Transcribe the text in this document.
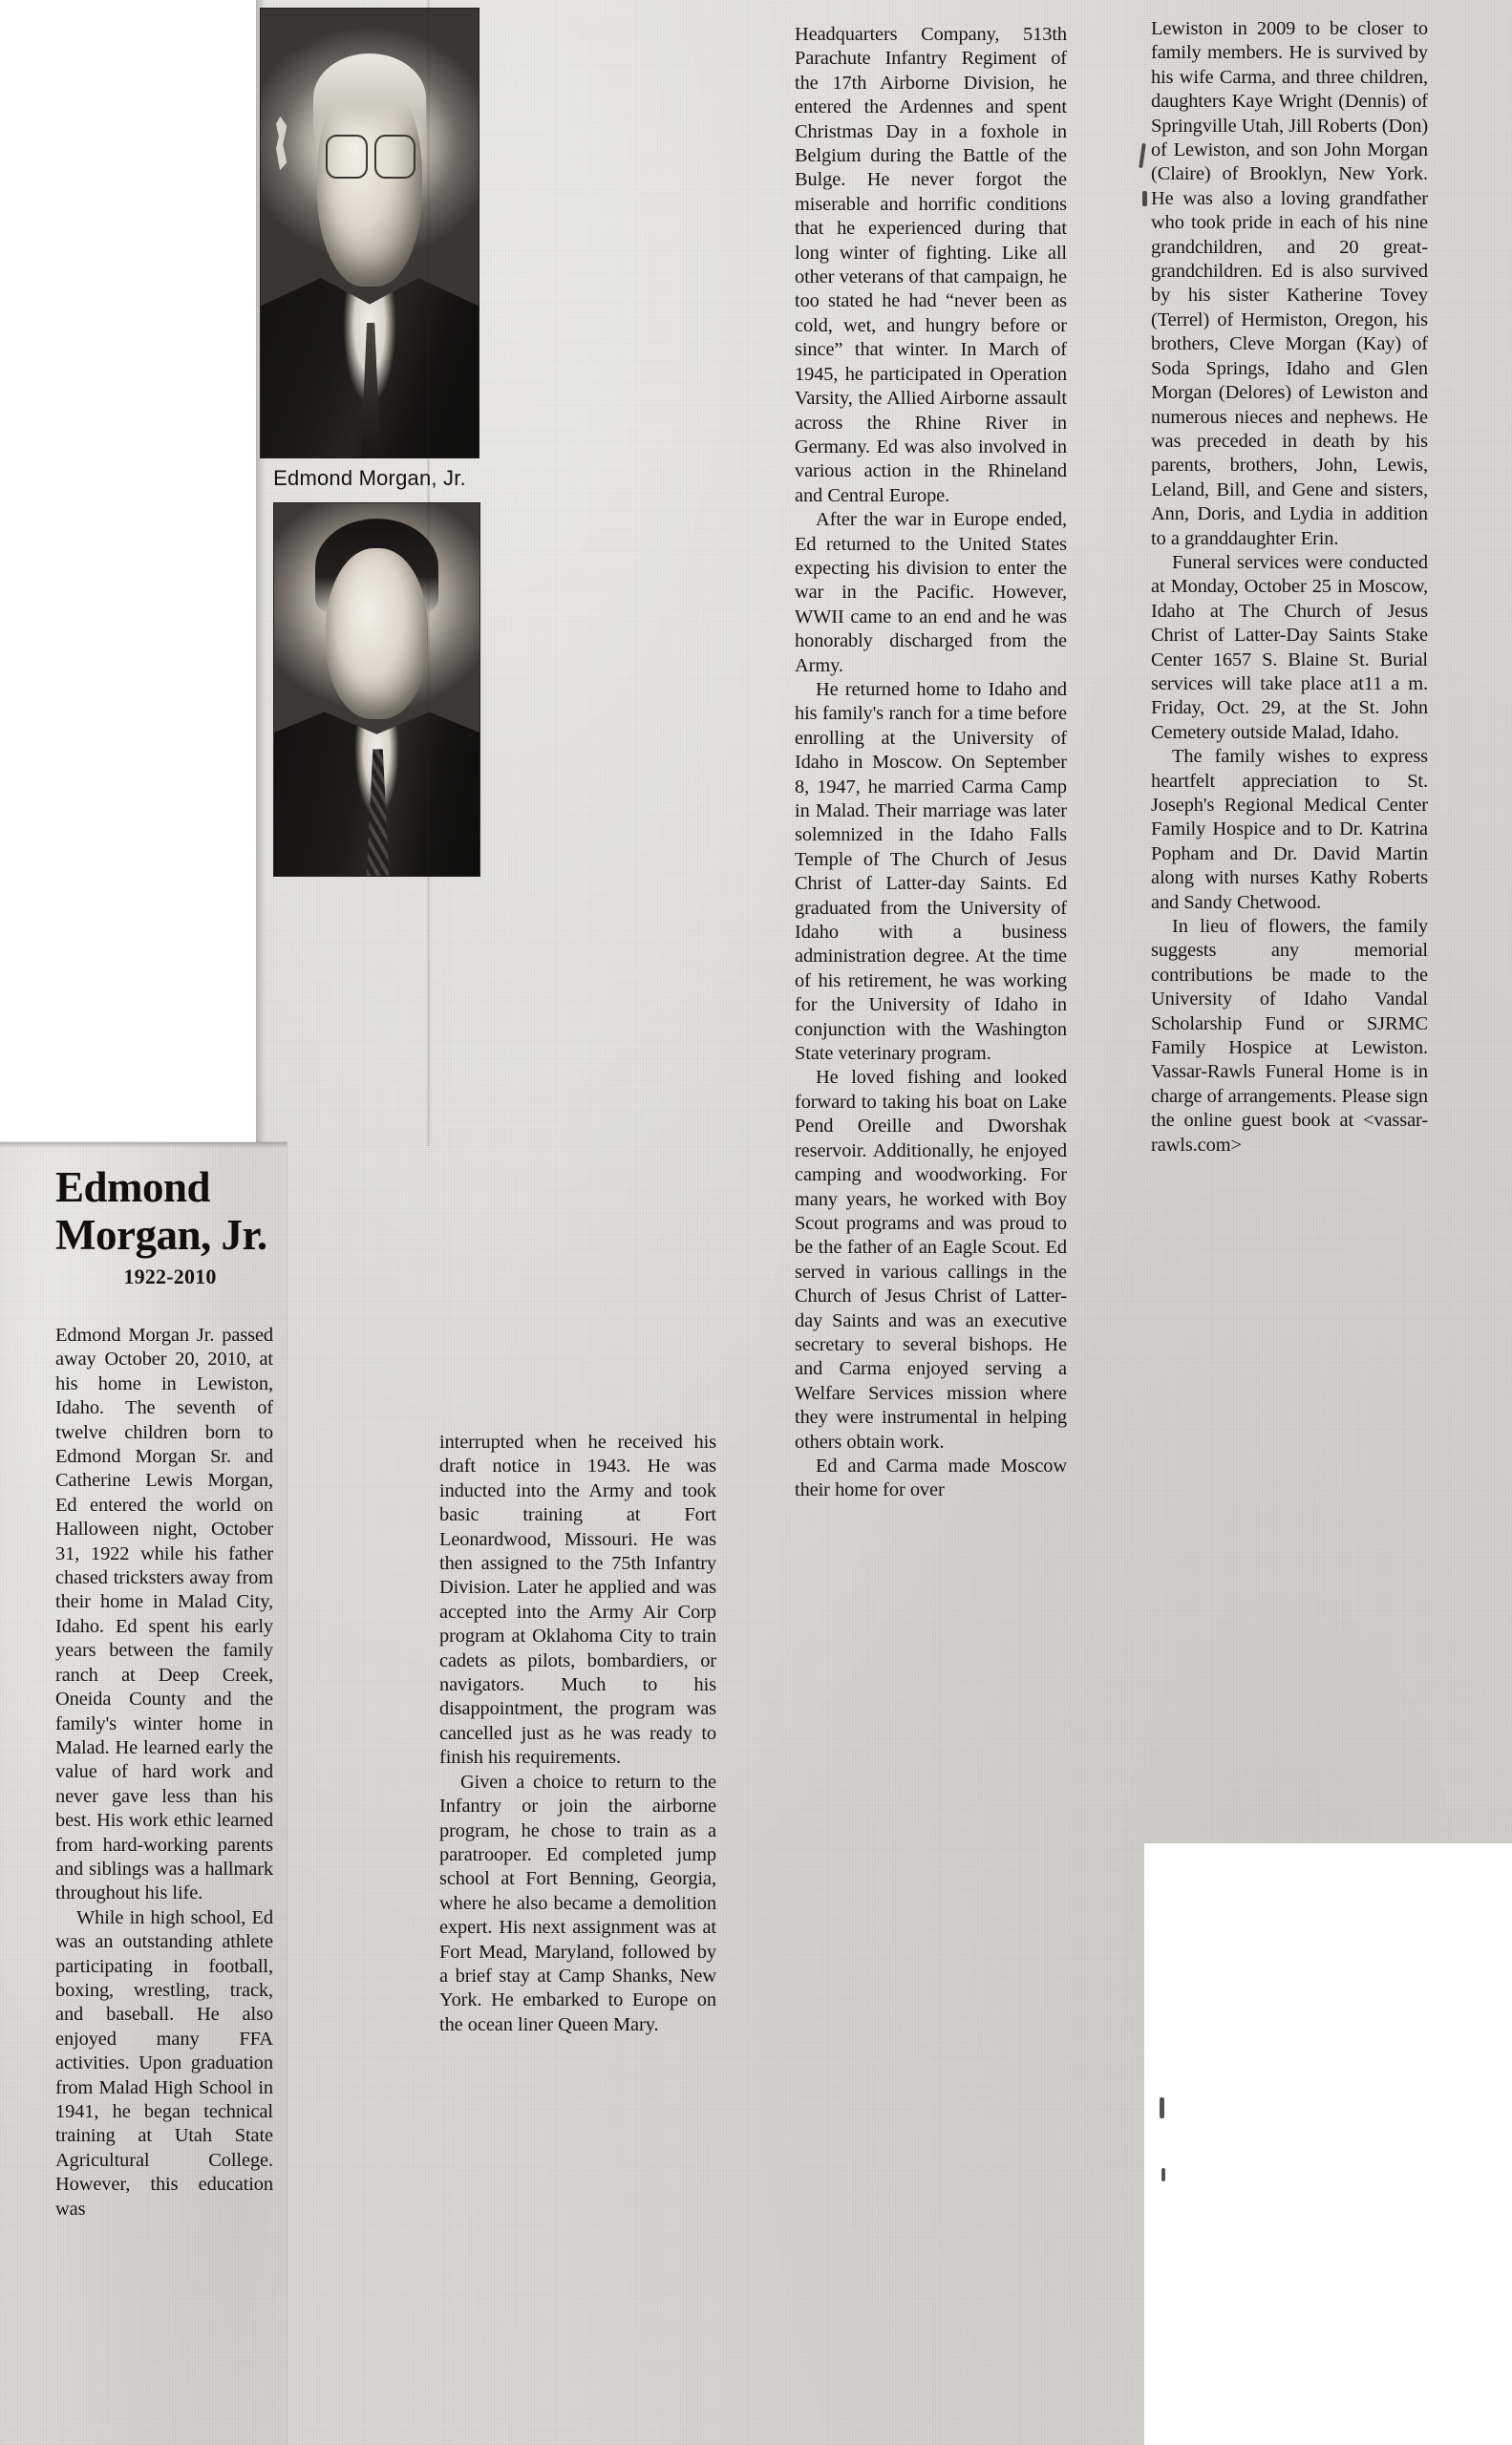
Edmond Morgan, Jr.
Edmond
Morgan, Jr.
1922-2010

Edmond Morgan Jr. passed away October 20, 2010, at his home in Lewiston, Idaho. The seventh of twelve children born to Edmond Morgan Sr. and Catherine Lewis Morgan, Ed entered the world on Halloween night, October 31, 1922 while his father chased tricksters away from their home in Malad City, Idaho. Ed spent his early years between the family ranch at Deep Creek, Oneida County and the family's winter home in Malad. He learned early the value of hard work and never gave less than his best. His work ethic learned from hard-working parents and siblings was a hallmark throughout his life.

While in high school, Ed was an outstanding athlete participating in football, boxing, wrestling, track, and baseball. He also enjoyed many FFA activities. Upon graduation from Malad High School in 1941, he began technical training at Utah State Agricultural College. However, this education was

interrupted when he received his draft notice in 1943. He was inducted into the Army and took basic training at Fort Leonardwood, Missouri. He was then assigned to the 75th Infantry Division. Later he applied and was accepted into the Army Air Corp program at Oklahoma City to train cadets as pilots, bombardiers, or navigators. Much to his disappointment, the program was cancelled just as he was ready to finish his requirements.

Given a choice to return to the Infantry or join the airborne program, he chose to train as a paratrooper. Ed completed jump school at Fort Benning, Georgia, where he also became a demolition expert. His next assignment was at Fort Mead, Maryland, followed by a brief stay at Camp Shanks, New York. He embarked to Europe on the ocean liner Queen Mary.

Headquarters Company, 513th Parachute Infantry Regiment of the 17th Airborne Division, he entered the Ardennes and spent Christmas Day in a foxhole in Belgium during the Battle of the Bulge. He never forgot the miserable and horrific conditions that he experienced during that long winter of fighting. Like all other veterans of that campaign, he too stated he had “never been as cold, wet, and hungry before or since” that winter. In March of 1945, he participated in Operation Varsity, the Allied Airborne assault across the Rhine River in Germany. Ed was also involved in various action in the Rhineland and Central Europe.

After the war in Europe ended, Ed returned to the United States expecting his division to enter the war in the Pacific. However, WWII came to an end and he was honorably discharged from the Army.

He returned home to Idaho and his family's ranch for a time before enrolling at the University of Idaho in Moscow. On September 8, 1947, he married Carma Camp in Malad. Their marriage was later solemnized in the Idaho Falls Temple of The Church of Jesus Christ of Latter-day Saints. Ed graduated from the University of Idaho with a business administration degree. At the time of his retirement, he was working for the University of Idaho in conjunction with the Washington State veterinary program.

He loved fishing and looked forward to taking his boat on Lake Pend Oreille and Dworshak reservoir. Additionally, he enjoyed camping and woodworking. For many years, he worked with Boy Scout programs and was proud to be the father of an Eagle Scout. Ed served in various callings in the Church of Jesus Christ of Latter-day Saints and was an executive secretary to several bishops. He and Carma enjoyed serving a Welfare Services mission where they were instrumental in helping others obtain work.

Ed and Carma made Moscow their home for over

Lewiston in 2009 to be closer to family members. He is survived by his wife Carma, and three children, daughters Kaye Wright (Dennis) of Springville Utah, Jill Roberts (Don) of Lewiston, and son John Morgan (Claire) of Brooklyn, New York. He was also a loving grandfather who took pride in each of his nine grandchildren, and 20 great-grandchildren. Ed is also survived by his sister Katherine Tovey (Terrel) of Hermiston, Oregon, his brothers, Cleve Morgan (Kay) of Soda Springs, Idaho and Glen Morgan (Delores) of Lewiston and numerous nieces and nephews. He was preceded in death by his parents, brothers, John, Lewis, Leland, Bill, and Gene and sisters, Ann, Doris, and Lydia in addition to a granddaughter Erin.

Funeral services were conducted at Monday, October 25 in Moscow, Idaho at The Church of Jesus Christ of Latter-Day Saints Stake Center 1657 S. Blaine St. Burial services will take place at11 a m. Friday, Oct. 29, at the St. John Cemetery outside Malad, Idaho.

The family wishes to express heartfelt appreciation to St. Joseph's Regional Medical Center Family Hospice and to Dr. Katrina Popham and Dr. David Martin along with nurses Kathy Roberts and Sandy Chetwood.

In lieu of flowers, the family suggests any memorial contributions be made to the University of Idaho Vandal Scholarship Fund or SJRMC Family Hospice at Lewiston. Vassar-Rawls Funeral Home is in charge of arrangements. Please sign the online guest book at <vassar-rawls.com>
